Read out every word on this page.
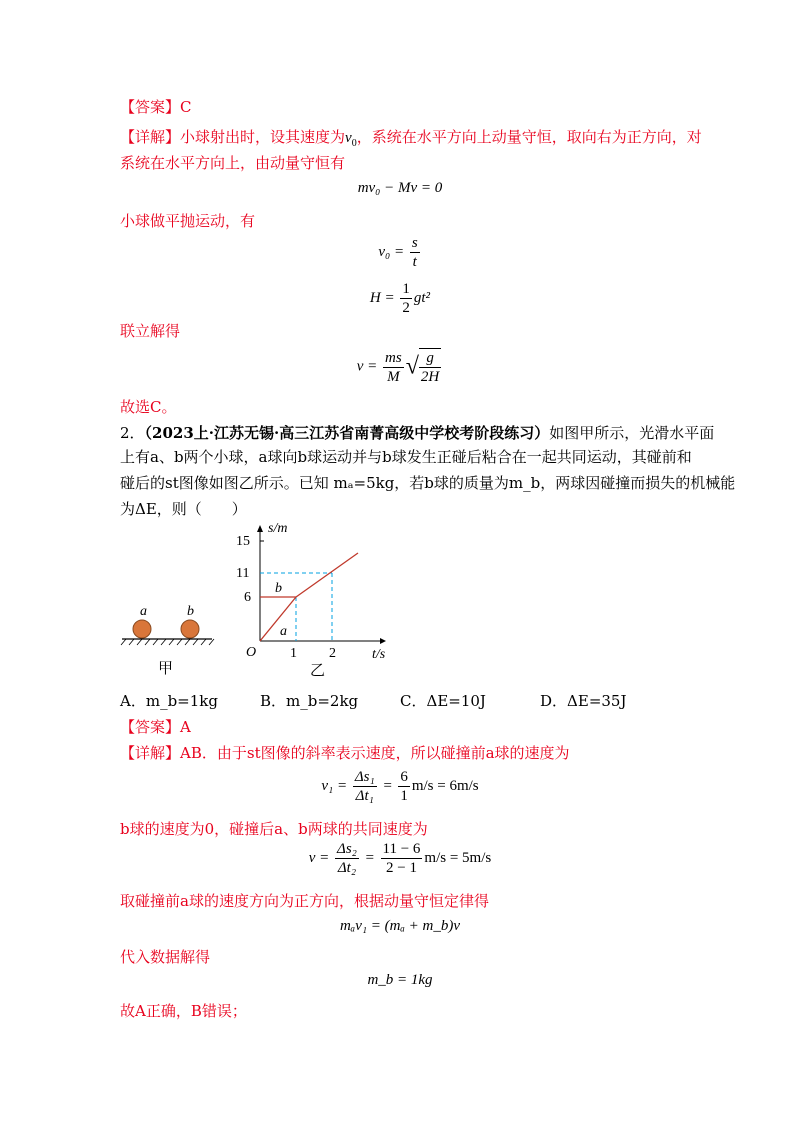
【答案】C
【详解】小球射出时，设其速度为$v_0$，系统在水平方向上动量守恒，取向右为正方向，对
系统在水平方向上，由动量守恒有
mv₀ − Mv = 0
小球做平抛运动，有
$v_0 = \frac{s}{t}$
$H = \frac{1}{2} gt^2$
联立解得
$v = \frac{ms}{M}$ √ $\frac{g}{2H}$
故选C。
2．（2023上·江苏无锡·高三江苏省南菁高级中学校考阶段练习）如图甲所示，光滑水平面
上有a、b两个小球，a球向b球运动并与b球发生正碰后粘合在一起共同运动，其碰前和
碰后的st图像如图乙所示。已知 mₐ=5kg，若b球的质量为m_b，两球因碰撞而损失的机械能
为ΔE，则（　　）
a	b
甲
s/m
t/s
O
15
11
6
1 2
b
a
乙
A．m_b=1kg	B．m_b=2kg	C．ΔE=10J	D．ΔE=35J
【答案】A
【详解】AB．由于st图像的斜率表示速度，所以碰撞前a球的速度为
$v_1 = \frac{\text{Δs₁}}{\text{Δt₁}} = \frac{6}{1} m/s = 6m/s$
b球的速度为0，碰撞后a、b两球的共同速度为
$v = \frac{\text{Δs₂}}{\text{Δt₂}} = \frac{11 - 6}{2 - 1} m/s = 5m/s$
取碰撞前a球的速度方向为正方向，根据动量守恒定律得
mₐv₁ = (mₐ + m_b)v
代入数据解得
m_b = 1kg
故A正确，B错误；
